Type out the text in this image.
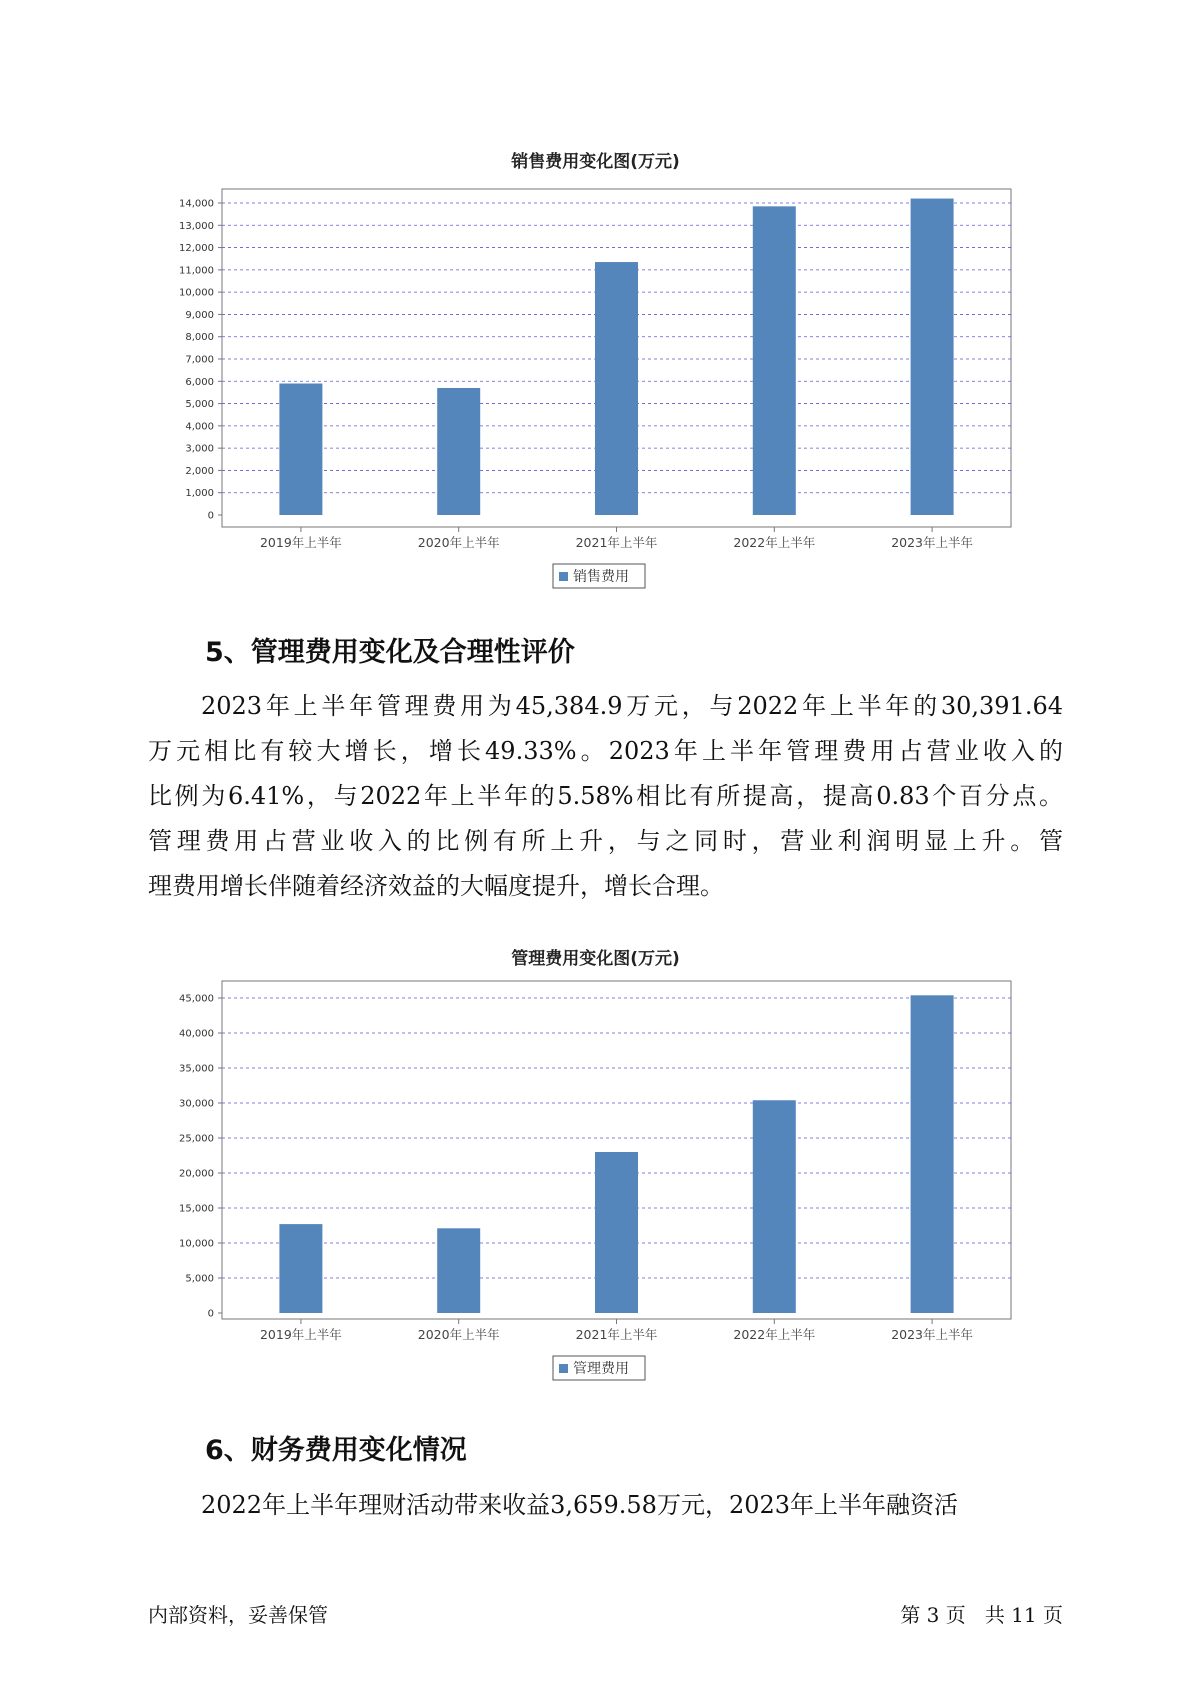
销售费用变化图(万元)
0
1,000
2,000
3,000
4,000
5,000
6,000
7,000
8,000
9,000
10,000
11,000
12,000
13,000
14,000
2019年上半年	2020年上半年	2021年上半年	2022年上半年	2023年上半年
销售费用
5、管理费用变化及合理性评价
2023年上半年管理费用为45,384.9万元，与2022年上半年的30,391.64
万元相比有较大增长，增长49.33%。2023年上半年管理费用占营业收入的
比例为6.41%，与2022年上半年的5.58%相比有所提高，提高0.83个百分点。
管理费用占营业收入的比例有所上升，与之同时，营业利润明显上升。管
理费用增长伴随着经济效益的大幅度提升，增长合理。
管理费用变化图(万元)
0
5,000
10,000
15,000
20,000
25,000
30,000
35,000
40,000
45,000
2019年上半年	2020年上半年	2021年上半年	2022年上半年	2023年上半年
管理费用
6、财务费用变化情况
2022年上半年理财活动带来收益3,659.58万元，2023年上半年融资活
内部资料，妥善保管	第 3 页   共 11 页
